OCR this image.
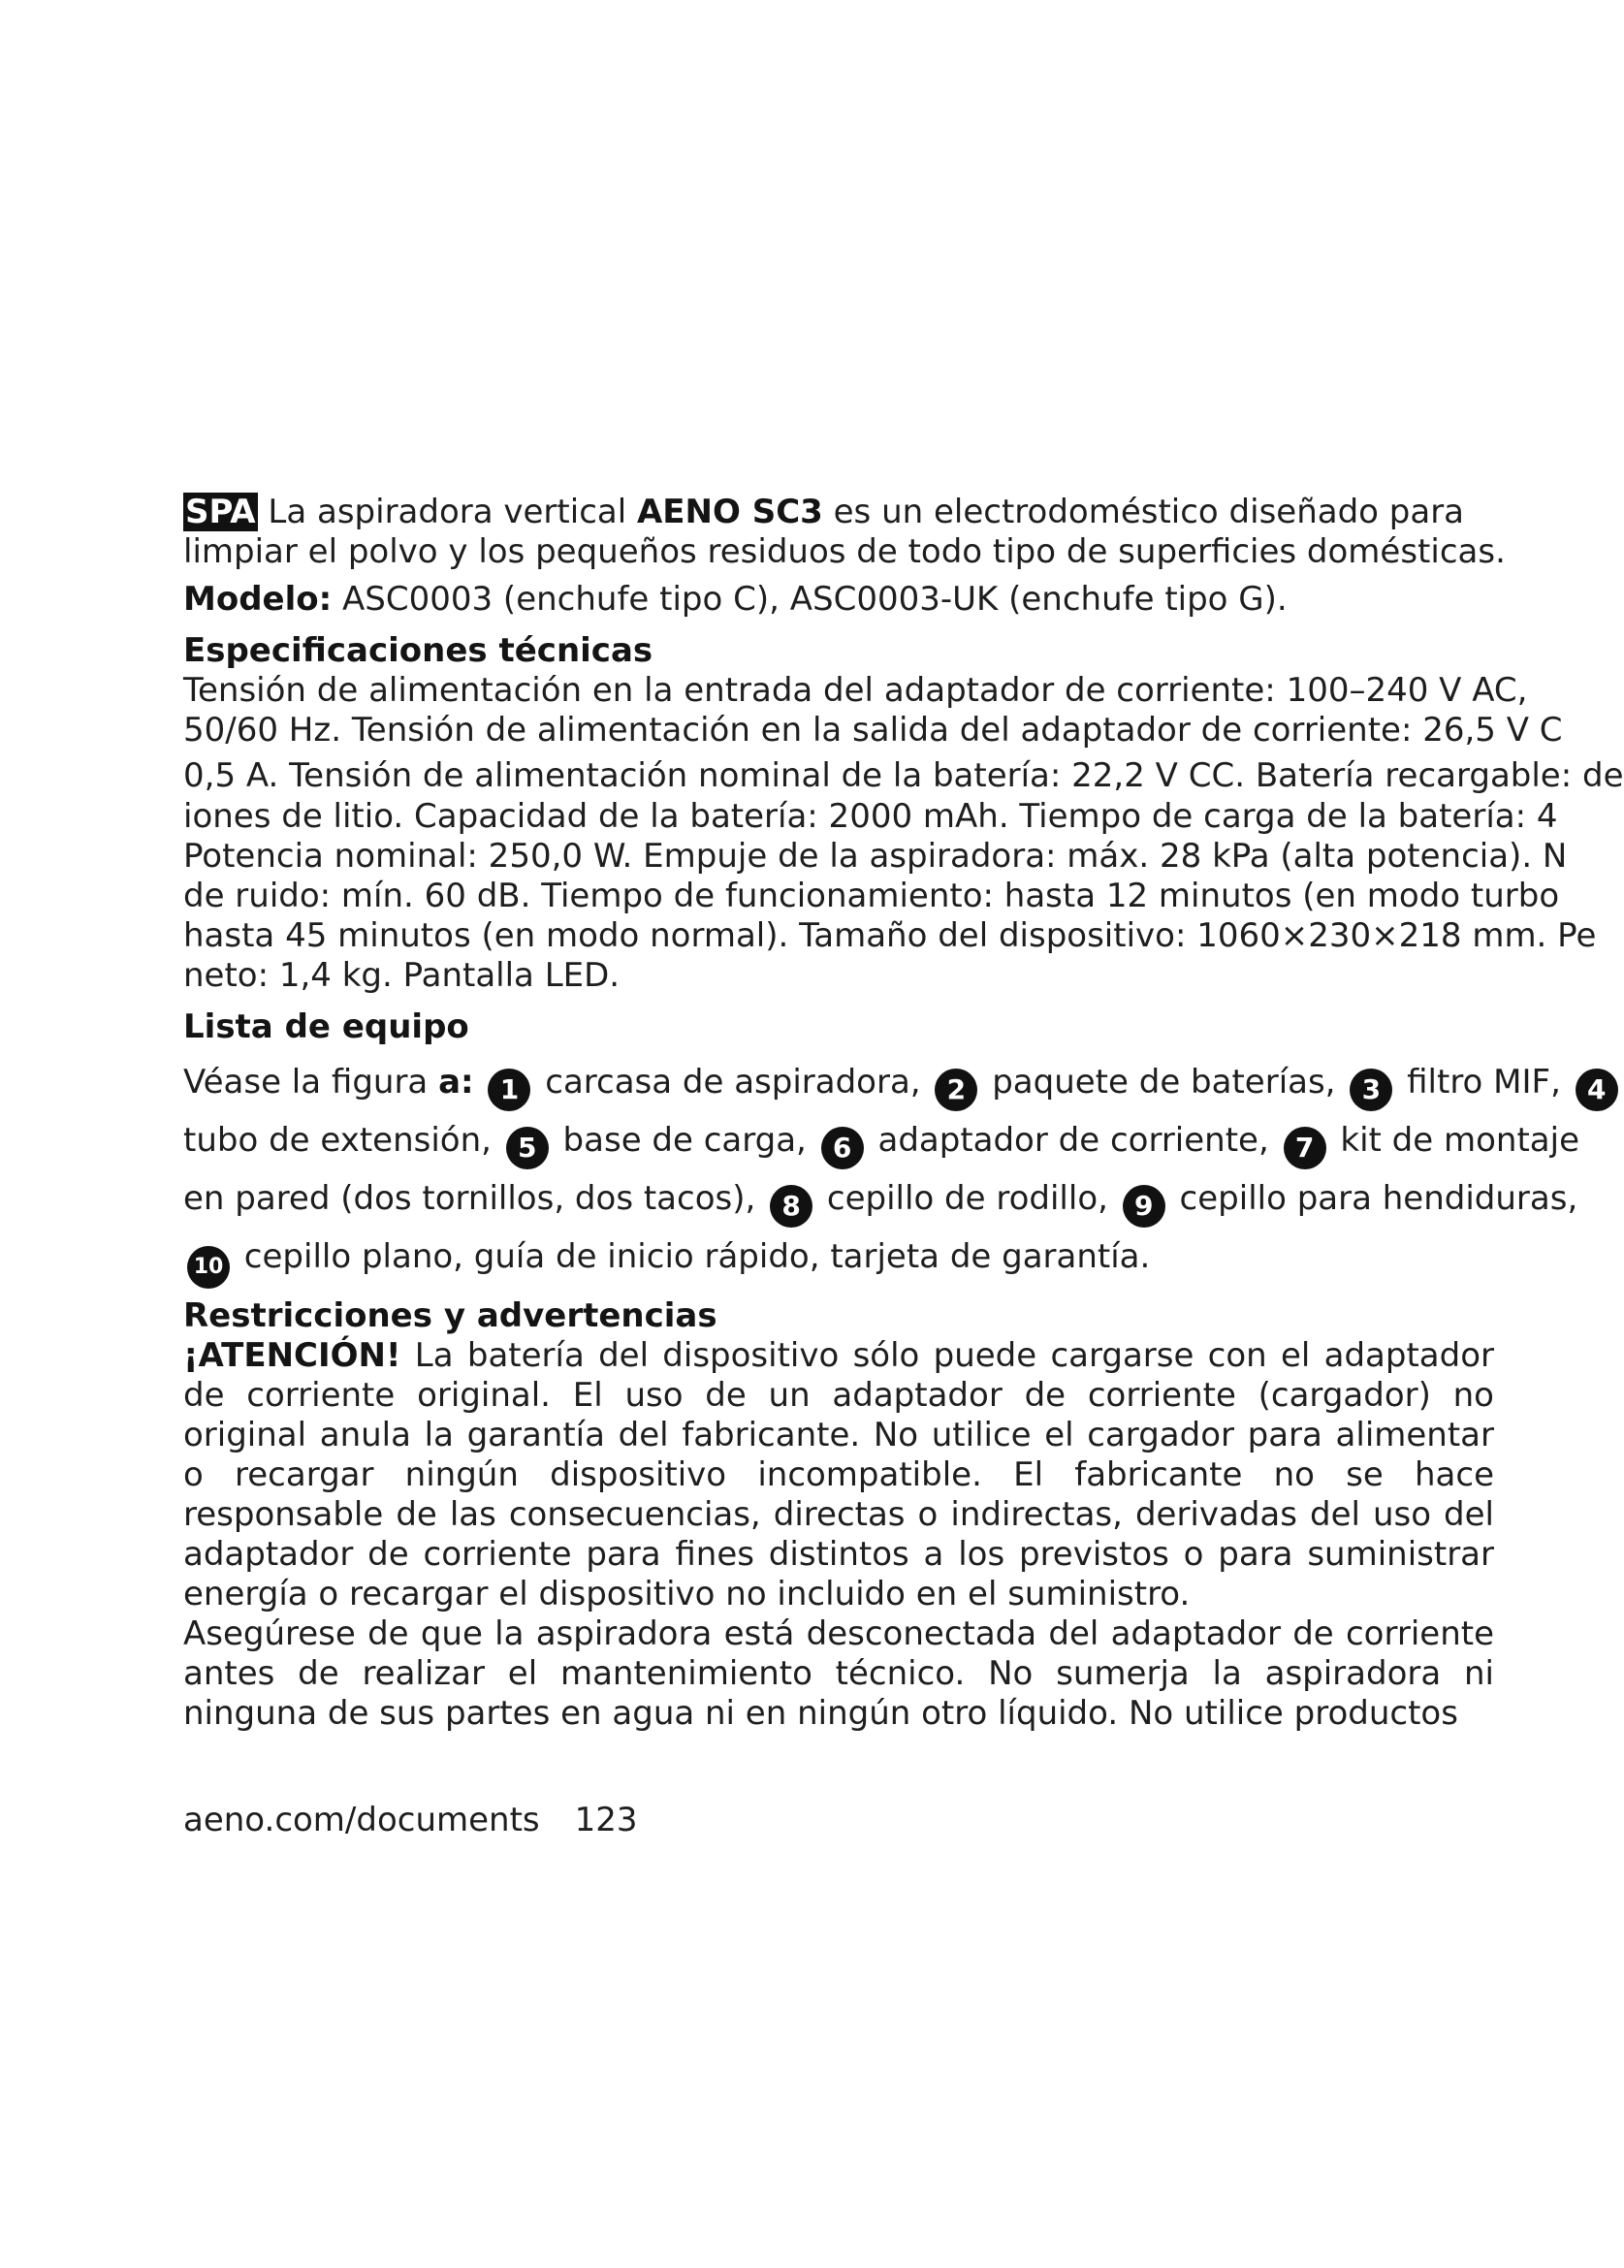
SPA La aspiradora vertical AENO SC3 es un electrodoméstico diseñado para
limpiar el polvo y los pequeños residuos de todo tipo de superficies domésticas.

Modelo: ASC0003 (enchufe tipo C), ASC0003-UK (enchufe tipo G).

Especificaciones técnicas

Tensión de alimentación en la entrada del adaptador de corriente: 100–240 V AC,

50/60 Hz. Tensión de alimentación en la salida del adaptador de corriente: 26,5 V C

0,5 A. Tensión de alimentación nominal de la batería: 22,2 V CC. Batería recargable: de

iones de litio. Capacidad de la batería: 2000 mAh. Tiempo de carga de la batería: 4

Potencia nominal: 250,0 W. Empuje de la aspiradora: máx. 28 kPa (alta potencia). N

de ruido: mín. 60 dB. Tiempo de funcionamiento: hasta 12 minutos (en modo turbo

hasta 45 minutos (en modo normal). Tamaño del dispositivo: 1060×230×218 mm. Pe

neto: 1,4 kg. Pantalla LED.

Lista de equipo

Véase la figura a: 1 carcasa de aspiradora, 2 paquete de baterías, 3 filtro MIF, 4

tubo de extensión, 5 base de carga, 6 adaptador de corriente, 7 kit de montaje

en pared (dos tornillos, dos tacos), 8 cepillo de rodillo, 9 cepillo para hendiduras,

10 cepillo plano, guía de inicio rápido, tarjeta de garantía.

Restricciones y advertencias

¡ATENCIÓN! La batería del dispositivo sólo puede cargarse con el adaptador de corriente original. El uso de un adaptador de corriente (cargador) no original anula la garantía del fabricante. No utilice el cargador para alimentar o recargar ningún dispositivo incompatible. El fabricante no se hace responsable de las consecuencias, directas o indirectas, derivadas del uso del adaptador de corriente para fines distintos a los previstos o para suministrar energía o recargar el dispositivo no incluido en el suministro.

Asegúrese de que la aspiradora está desconectada del adaptador de corriente antes de realizar el mantenimiento técnico. No sumerja la aspiradora ni ninguna de sus partes en agua ni en ningún otro líquido. No utilice productos

aeno.com/documents 123
